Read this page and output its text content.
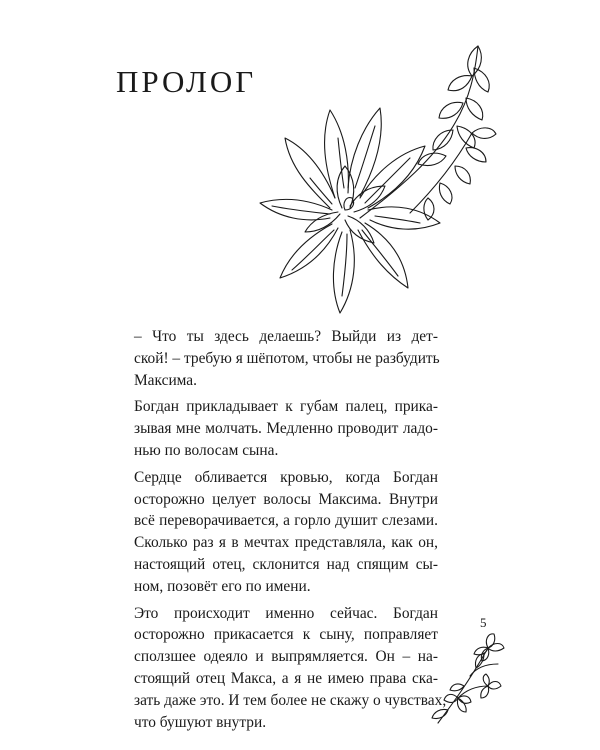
ПРОЛОГ

– Что ты здесь делаешь? Выйди из дет-
ской! – требую я шёпотом, чтобы не разбудить
Максима.

Богдан прикладывает к губам палец, прика-
зывая мне молчать. Медленно проводит ладо-
нью по волосам сына.

Сердце обливается кровью, когда Богдан
осторожно целует волосы Максима. Внутри
всё переворачивается, а горло душит слезами.
Сколько раз я в мечтах представляла, как он,
настоящий отец, склонится над спящим сы-
ном, позовёт его по имени.

Это происходит именно сейчас. Богдан
осторожно прикасается к сыну, поправляет
сползшее одеяло и выпрямляется. Он – на-
стоящий отец Макса, а я не имею права ска-
зать даже это. И тем более не скажу о чувствах,
что бушуют внутри.

5
